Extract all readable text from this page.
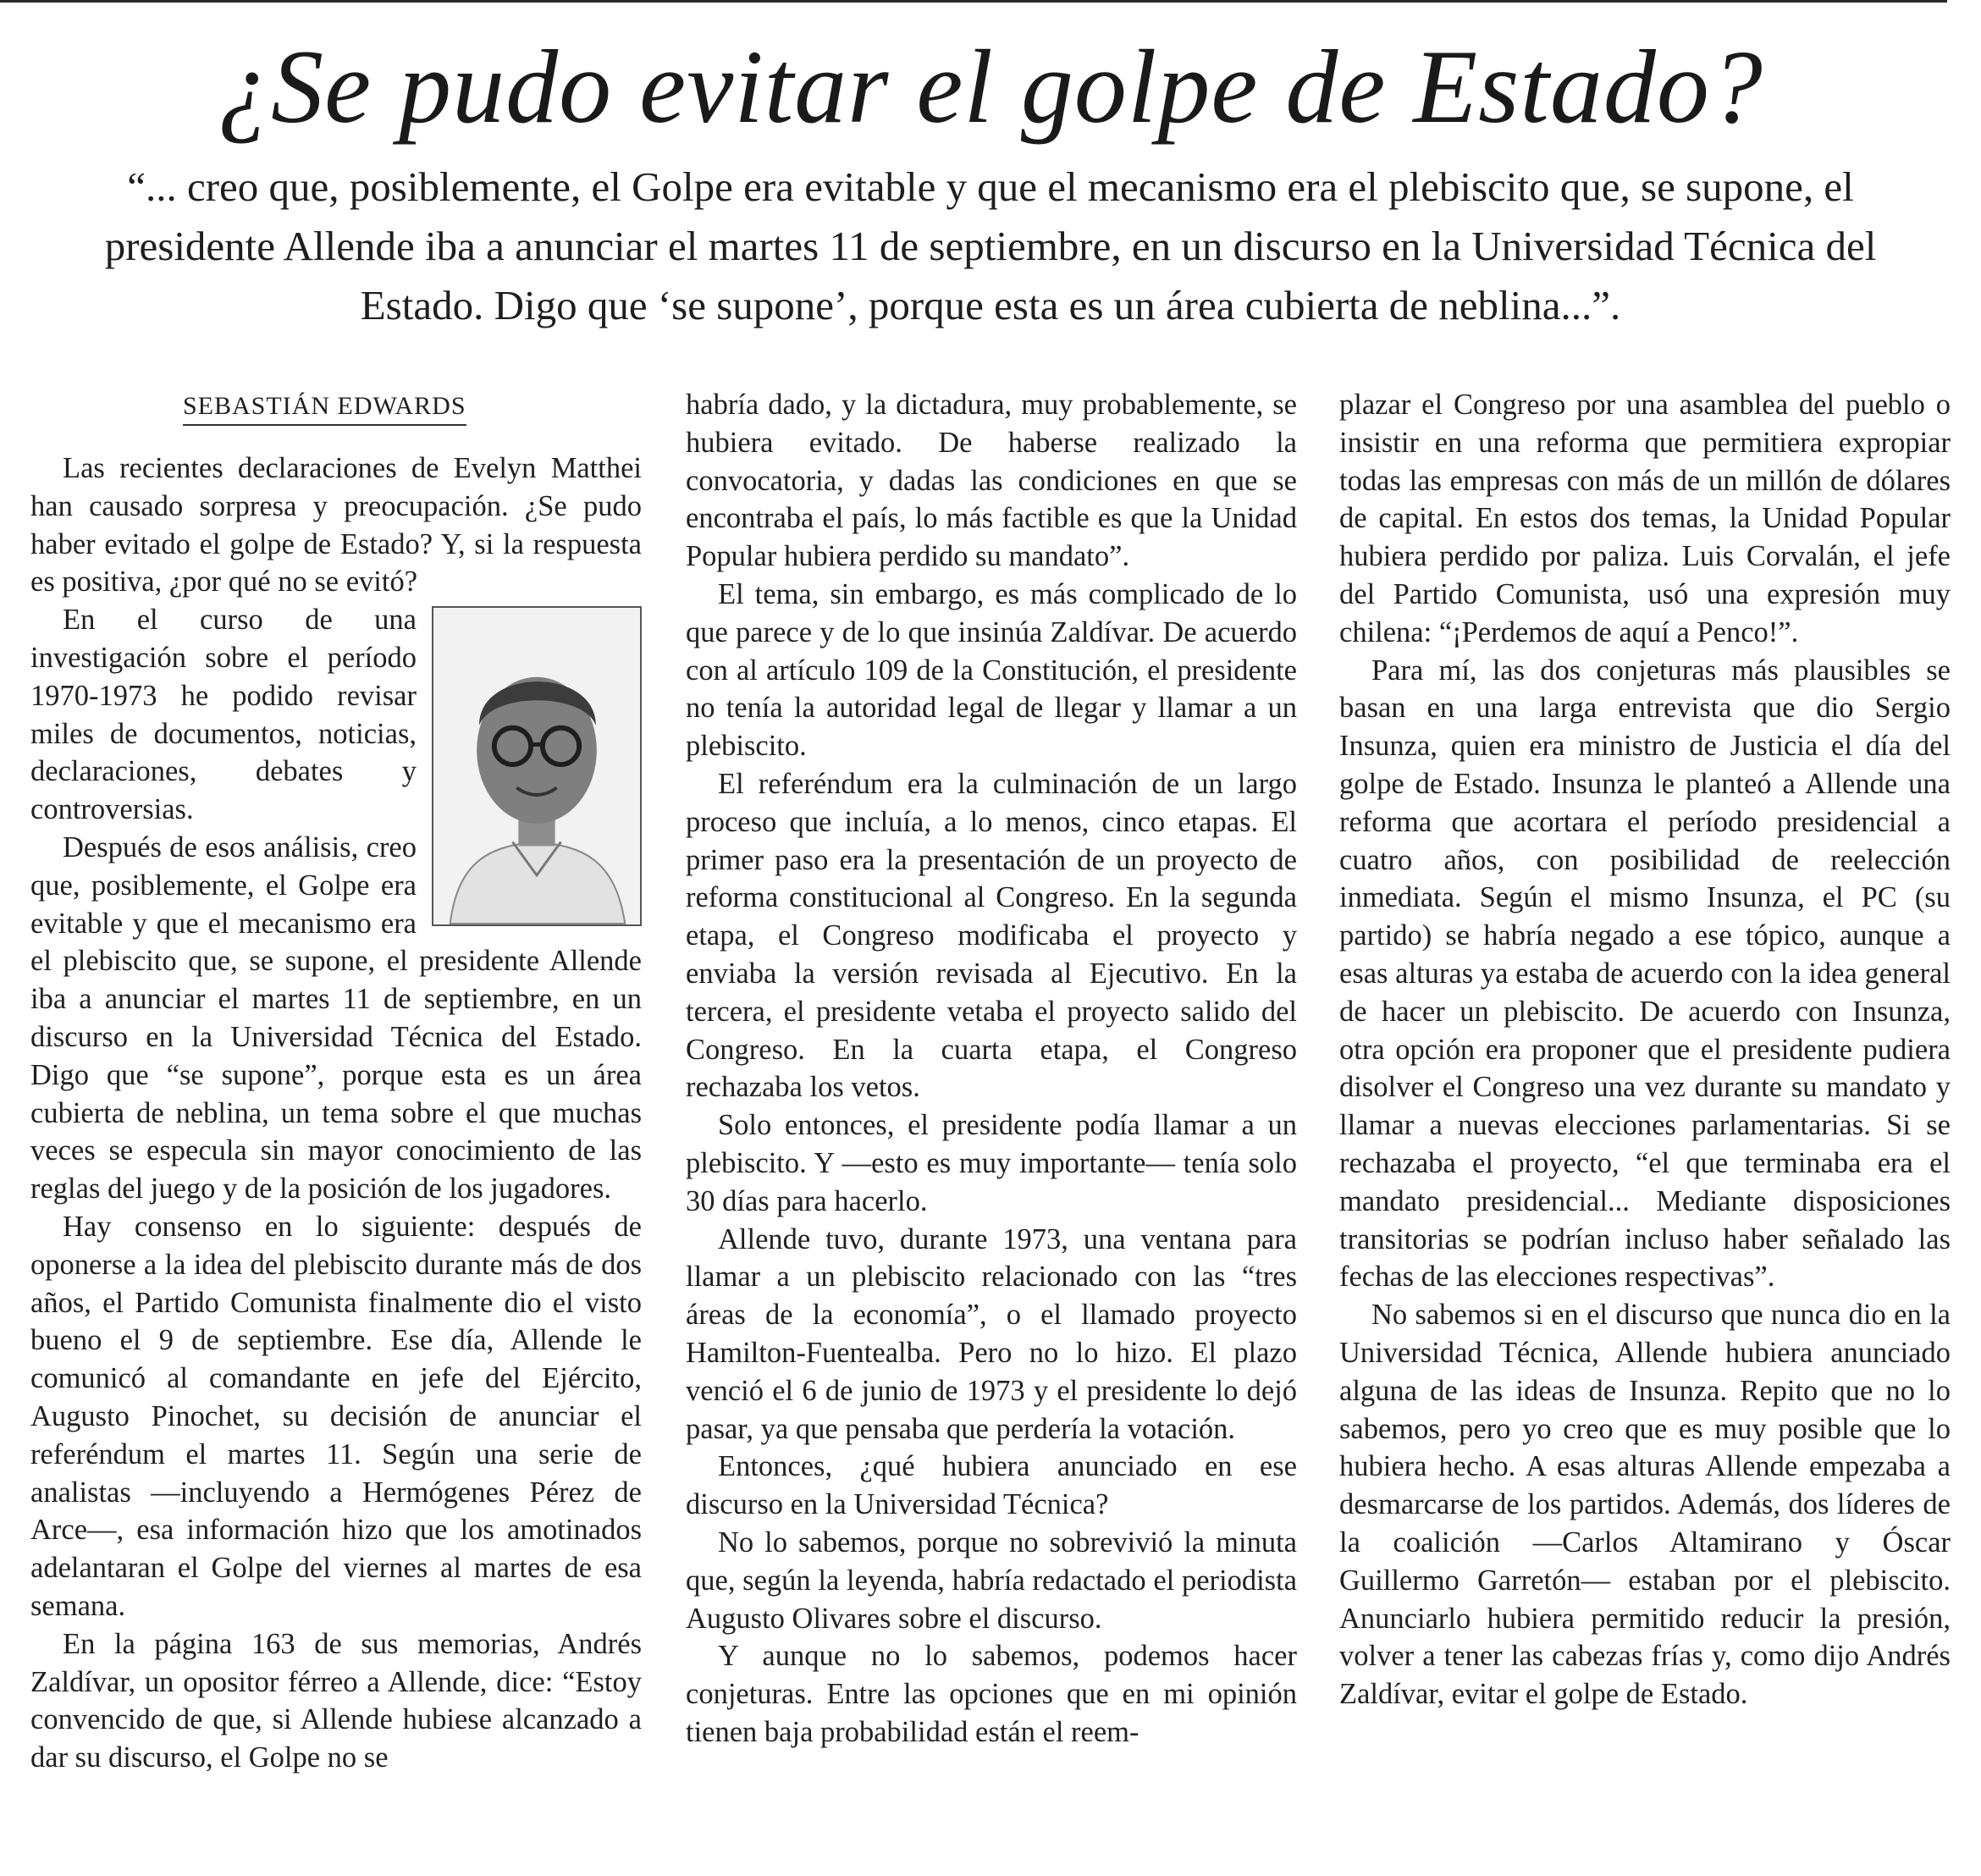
¿Se pudo evitar el golpe de Estado?

“... creo que, posiblemente, el Golpe era evitable y que el mecanismo era el plebiscito que, se supone, el presidente Allende iba a anunciar el martes 11 de septiembre, en un discurso en la Universidad Técnica del Estado. Digo que ‘se supone’, porque esta es un área cubierta de neblina...”.

SEBASTIÁN EDWARDS

Las recientes declaraciones de Evelyn Matthei han causado sorpresa y preocupación. ¿Se pudo haber evitado el golpe de Estado? Y, si la respuesta es positiva, ¿por qué no se evitó?

En el curso de una investigación sobre el período 1970-1973 he podido revisar miles de documentos, noticias, declaraciones, debates y controversias.

Después de esos análisis, creo que, posiblemente, el Golpe era evitable y que el mecanismo era el plebiscito que, se supone, el presidente Allende iba a anunciar el martes 11 de septiembre, en un discurso en la Universidad Técnica del Estado. Digo que “se supone”, porque esta es un área cubierta de neblina, un tema sobre el que muchas veces se especula sin mayor conocimiento de las reglas del juego y de la posición de los jugadores.

Hay consenso en lo siguiente: después de oponerse a la idea del plebiscito durante más de dos años, el Partido Comunista finalmente dio el visto bueno el 9 de septiembre. Ese día, Allende le comunicó al comandante en jefe del Ejército, Augusto Pinochet, su decisión de anunciar el referéndum el martes 11. Según una serie de analistas —incluyendo a Hermógenes Pérez de Arce—, esa información hizo que los amotinados adelantaran el Golpe del viernes al martes de esa semana.

En la página 163 de sus memorias, Andrés Zaldívar, un opositor férreo a Allende, dice: “Estoy convencido de que, si Allende hubiese alcanzado a dar su discurso, el Golpe no se

habría dado, y la dictadura, muy probablemente, se hubiera evitado. De haberse realizado la convocatoria, y dadas las condiciones en que se encontraba el país, lo más factible es que la Unidad Popular hubiera perdido su mandato”.

El tema, sin embargo, es más complicado de lo que parece y de lo que insinúa Zaldívar. De acuerdo con al artículo 109 de la Constitución, el presidente no tenía la autoridad legal de llegar y llamar a un plebiscito.

El referéndum era la culminación de un largo proceso que incluía, a lo menos, cinco etapas. El primer paso era la presentación de un proyecto de reforma constitucional al Congreso. En la segunda etapa, el Congreso modificaba el proyecto y enviaba la versión revisada al Ejecutivo. En la tercera, el presidente vetaba el proyecto salido del Congreso. En la cuarta etapa, el Congreso rechazaba los vetos.

Solo entonces, el presidente podía llamar a un plebiscito. Y —esto es muy importante— tenía solo 30 días para hacerlo.

Allende tuvo, durante 1973, una ventana para llamar a un plebiscito relacionado con las “tres áreas de la economía”, o el llamado proyecto Hamilton-Fuentealba. Pero no lo hizo. El plazo venció el 6 de junio de 1973 y el presidente lo dejó pasar, ya que pensaba que perdería la votación.

Entonces, ¿qué hubiera anunciado en ese discurso en la Universidad Técnica?

No lo sabemos, porque no sobrevivió la minuta que, según la leyenda, habría redactado el periodista Augusto Olivares sobre el discurso.

Y aunque no lo sabemos, podemos hacer conjeturas. Entre las opciones que en mi opinión tienen baja probabilidad están el reem-

plazar el Congreso por una asamblea del pueblo o insistir en una reforma que permitiera expropiar todas las empresas con más de un millón de dólares de capital. En estos dos temas, la Unidad Popular hubiera perdido por paliza. Luis Corvalán, el jefe del Partido Comunista, usó una expresión muy chilena: “¡Perdemos de aquí a Penco!”.

Para mí, las dos conjeturas más plausibles se basan en una larga entrevista que dio Sergio Insunza, quien era ministro de Justicia el día del golpe de Estado. Insunza le planteó a Allende una reforma que acortara el período presidencial a cuatro años, con posibilidad de reelección inmediata. Según el mismo Insunza, el PC (su partido) se habría negado a ese tópico, aunque a esas alturas ya estaba de acuerdo con la idea general de hacer un plebiscito. De acuerdo con Insunza, otra opción era proponer que el presidente pudiera disolver el Congreso una vez durante su mandato y llamar a nuevas elecciones parlamentarias. Si se rechazaba el proyecto, “el que terminaba era el mandato presidencial... Mediante disposiciones transitorias se podrían incluso haber señalado las fechas de las elecciones respectivas”.

No sabemos si en el discurso que nunca dio en la Universidad Técnica, Allende hubiera anunciado alguna de las ideas de Insunza. Repito que no lo sabemos, pero yo creo que es muy posible que lo hubiera hecho. A esas alturas Allende empezaba a desmarcarse de los partidos. Además, dos líderes de la coalición —Carlos Altamirano y Óscar Guillermo Garretón— estaban por el plebiscito. Anunciarlo hubiera permitido reducir la presión, volver a tener las cabezas frías y, como dijo Andrés Zaldívar, evitar el golpe de Estado.
